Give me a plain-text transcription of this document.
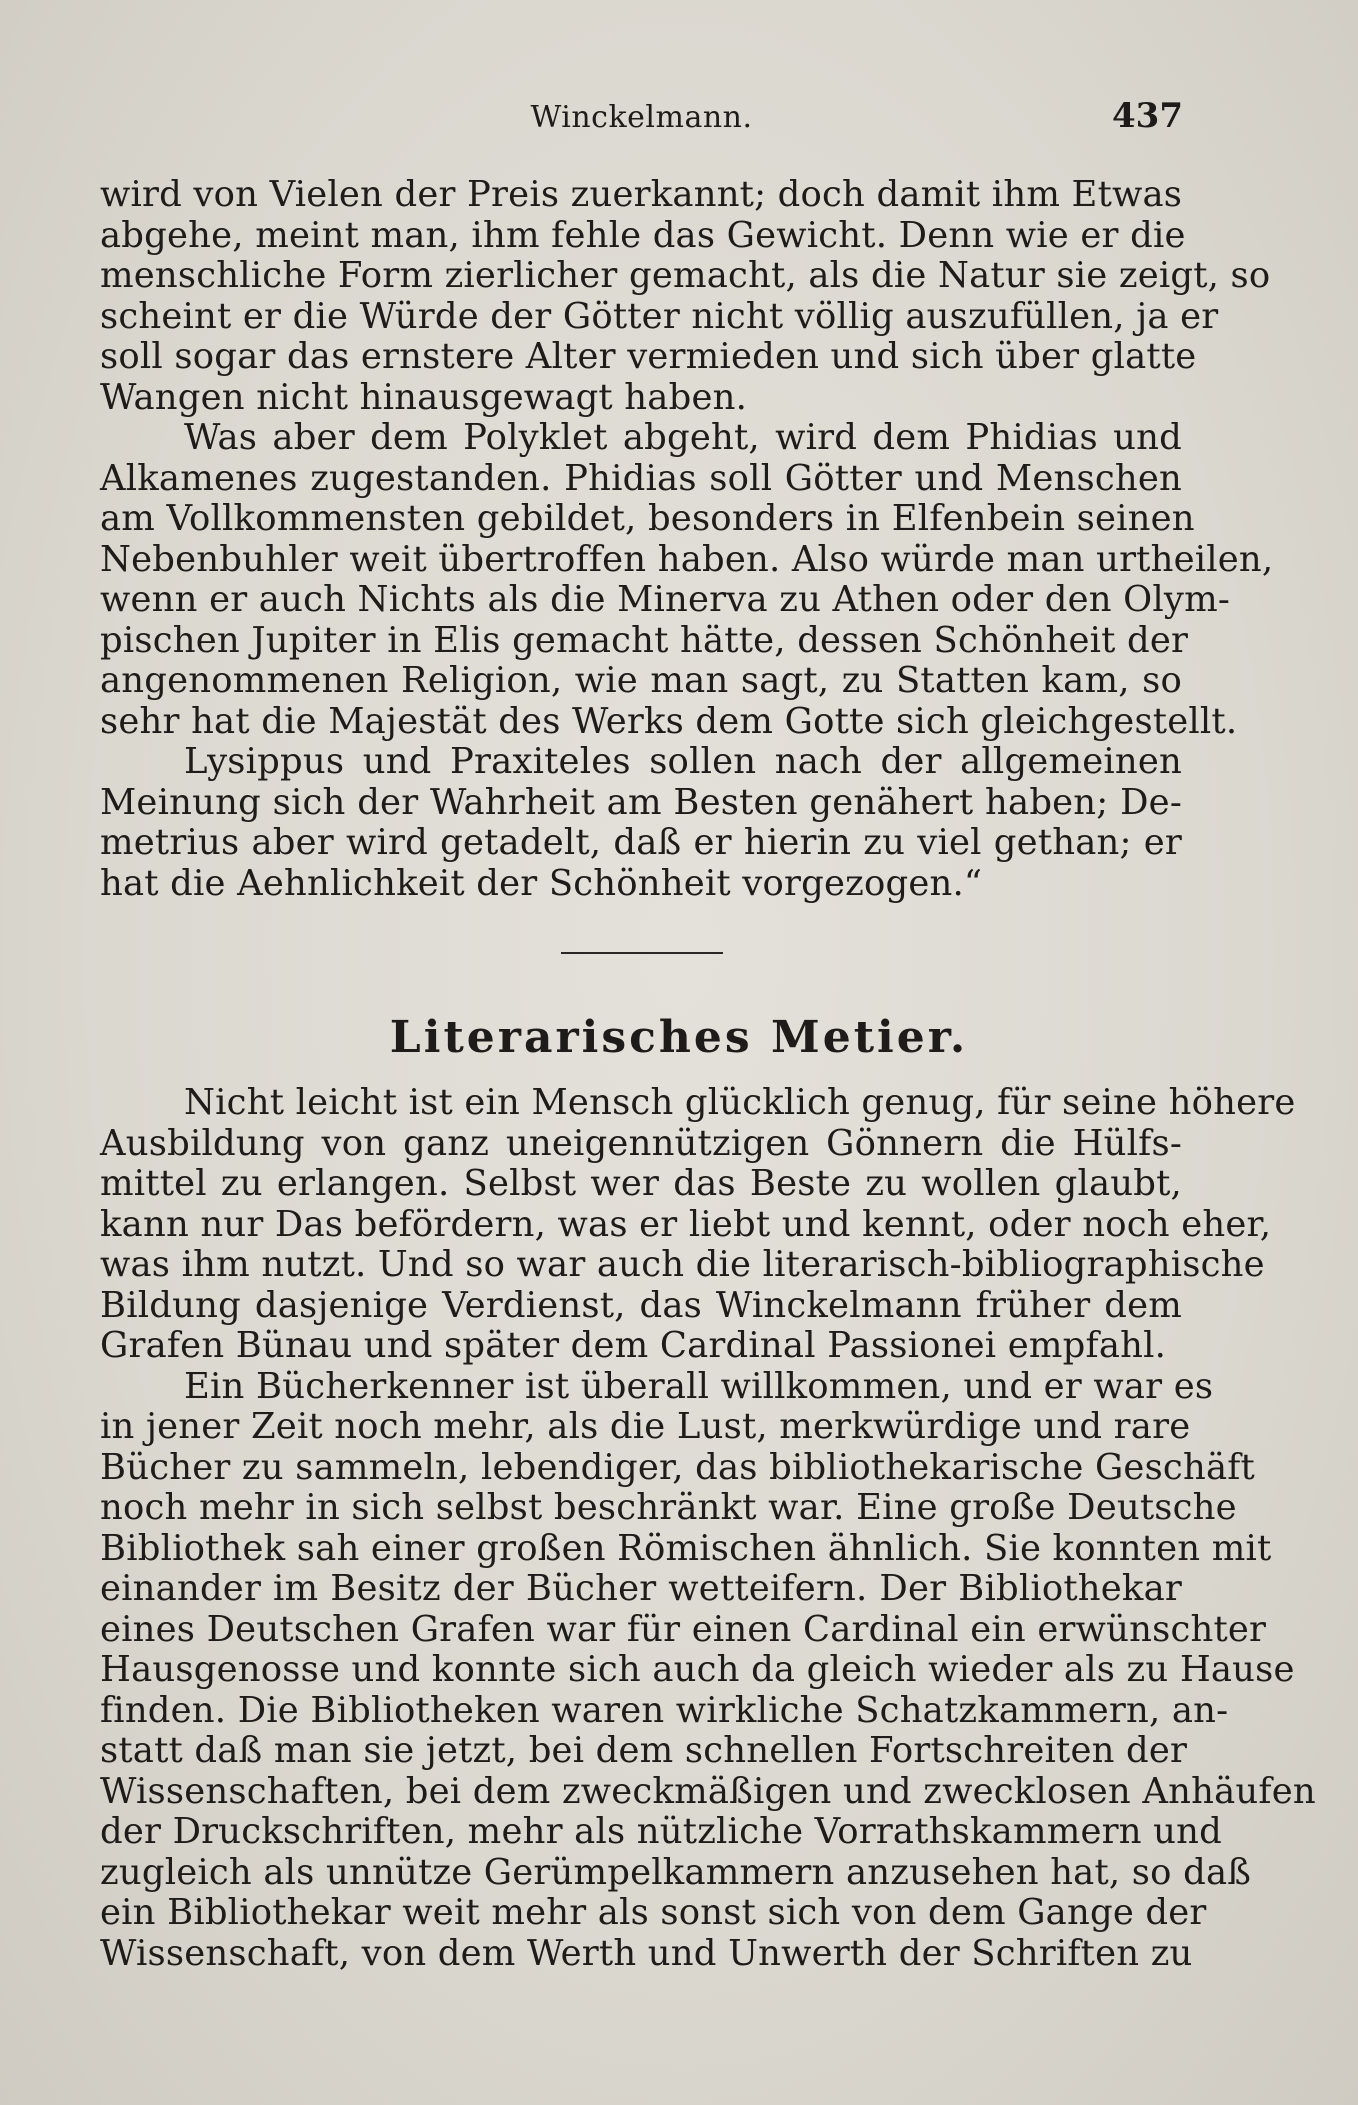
Winckelmann.	437
wird von Vielen der Preis zuerkannt; doch damit ihm Etwas
abgehe, meint man, ihm fehle das Gewicht. Denn wie er die
menschliche Form zierlicher gemacht, als die Natur sie zeigt, so
scheint er die Würde der Götter nicht völlig auszufüllen, ja er
soll sogar das ernstere Alter vermieden und sich über glatte
Wangen nicht hinausgewagt haben.
Was aber dem Polyklet abgeht, wird dem Phidias und
Alkamenes zugestanden. Phidias soll Götter und Menschen
am Vollkommensten gebildet, besonders in Elfenbein seinen
Nebenbuhler weit übertroffen haben. Also würde man urtheilen,
wenn er auch Nichts als die Minerva zu Athen oder den Olym-
pischen Jupiter in Elis gemacht hätte, dessen Schönheit der
angenommenen Religion, wie man sagt, zu Statten kam, so
sehr hat die Majestät des Werks dem Gotte sich gleichgestellt.
Lysippus und Praxiteles sollen nach der allgemeinen
Meinung sich der Wahrheit am Besten genähert haben; De-
metrius aber wird getadelt, daß er hierin zu viel gethan; er
hat die Aehnlichkeit der Schönheit vorgezogen.“
Literarisches Metier.
Nicht leicht ist ein Mensch glücklich genug, für seine höhere
Ausbildung von ganz uneigennützigen Gönnern die Hülfs-
mittel zu erlangen. Selbst wer das Beste zu wollen glaubt,
kann nur Das befördern, was er liebt und kennt, oder noch eher,
was ihm nutzt. Und so war auch die literarisch-bibliographische
Bildung dasjenige Verdienst, das Winckelmann früher dem
Grafen Bünau und später dem Cardinal Passionei empfahl.
Ein Bücherkenner ist überall willkommen, und er war es
in jener Zeit noch mehr, als die Lust, merkwürdige und rare
Bücher zu sammeln, lebendiger, das bibliothekarische Geschäft
noch mehr in sich selbst beschränkt war. Eine große Deutsche
Bibliothek sah einer großen Römischen ähnlich. Sie konnten mit
einander im Besitz der Bücher wetteifern. Der Bibliothekar
eines Deutschen Grafen war für einen Cardinal ein erwünschter
Hausgenosse und konnte sich auch da gleich wieder als zu Hause
finden. Die Bibliotheken waren wirkliche Schatzkammern, an-
statt daß man sie jetzt, bei dem schnellen Fortschreiten der
Wissenschaften, bei dem zweckmäßigen und zwecklosen Anhäufen
der Druckschriften, mehr als nützliche Vorrathskammern und
zugleich als unnütze Gerümpelkammern anzusehen hat, so daß
ein Bibliothekar weit mehr als sonst sich von dem Gange der
Wissenschaft, von dem Werth und Unwerth der Schriften zu
